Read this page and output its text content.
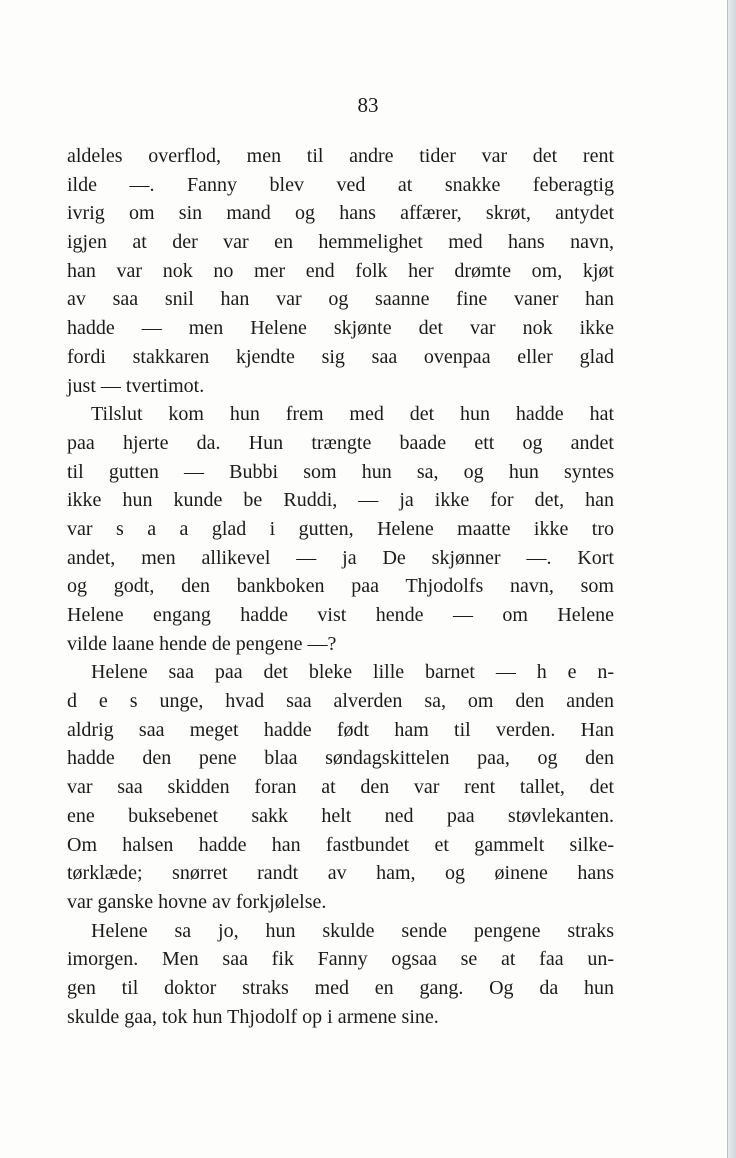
83
aldeles overflod, men til andre tider var det rent
ilde —. Fanny blev ved at snakke feberagtig
ivrig om sin mand og hans affærer, skrøt, antydet
igjen at der var en hemmelighet med hans navn,
han var nok no mer end folk her drømte om, kjøt
av saa snil han var og saanne fine vaner han
hadde — men Helene skjønte det var nok ikke
fordi stakkaren kjendte sig saa ovenpaa eller glad
just — tvertimot.
Tilslut kom hun frem med det hun hadde hat
paa hjerte da. Hun trængte baade ett og andet
til gutten — Bubbi som hun sa, og hun syntes
ikke hun kunde be Ruddi, — ja ikke for det, han
var s a a glad i gutten, Helene maatte ikke tro
andet, men allikevel — ja De skjønner —. Kort
og godt, den bankboken paa Thjodolfs navn, som
Helene engang hadde vist hende — om Helene
vilde laane hende de pengene —?
Helene saa paa det bleke lille barnet — h e n-
d e s unge, hvad saa alverden sa, om den anden
aldrig saa meget hadde født ham til verden. Han
hadde den pene blaa søndagskittelen paa, og den
var saa skidden foran at den var rent tallet, det
ene buksebenet sakk helt ned paa støvlekanten.
Om halsen hadde han fastbundet et gammelt silke-
tørklæde; snørret randt av ham, og øinene hans
var ganske hovne av forkjølelse.
Helene sa jo, hun skulde sende pengene straks
imorgen. Men saa fik Fanny ogsaa se at faa un-
gen til doktor straks med en gang. Og da hun
skulde gaa, tok hun Thjodolf op i armene sine.
